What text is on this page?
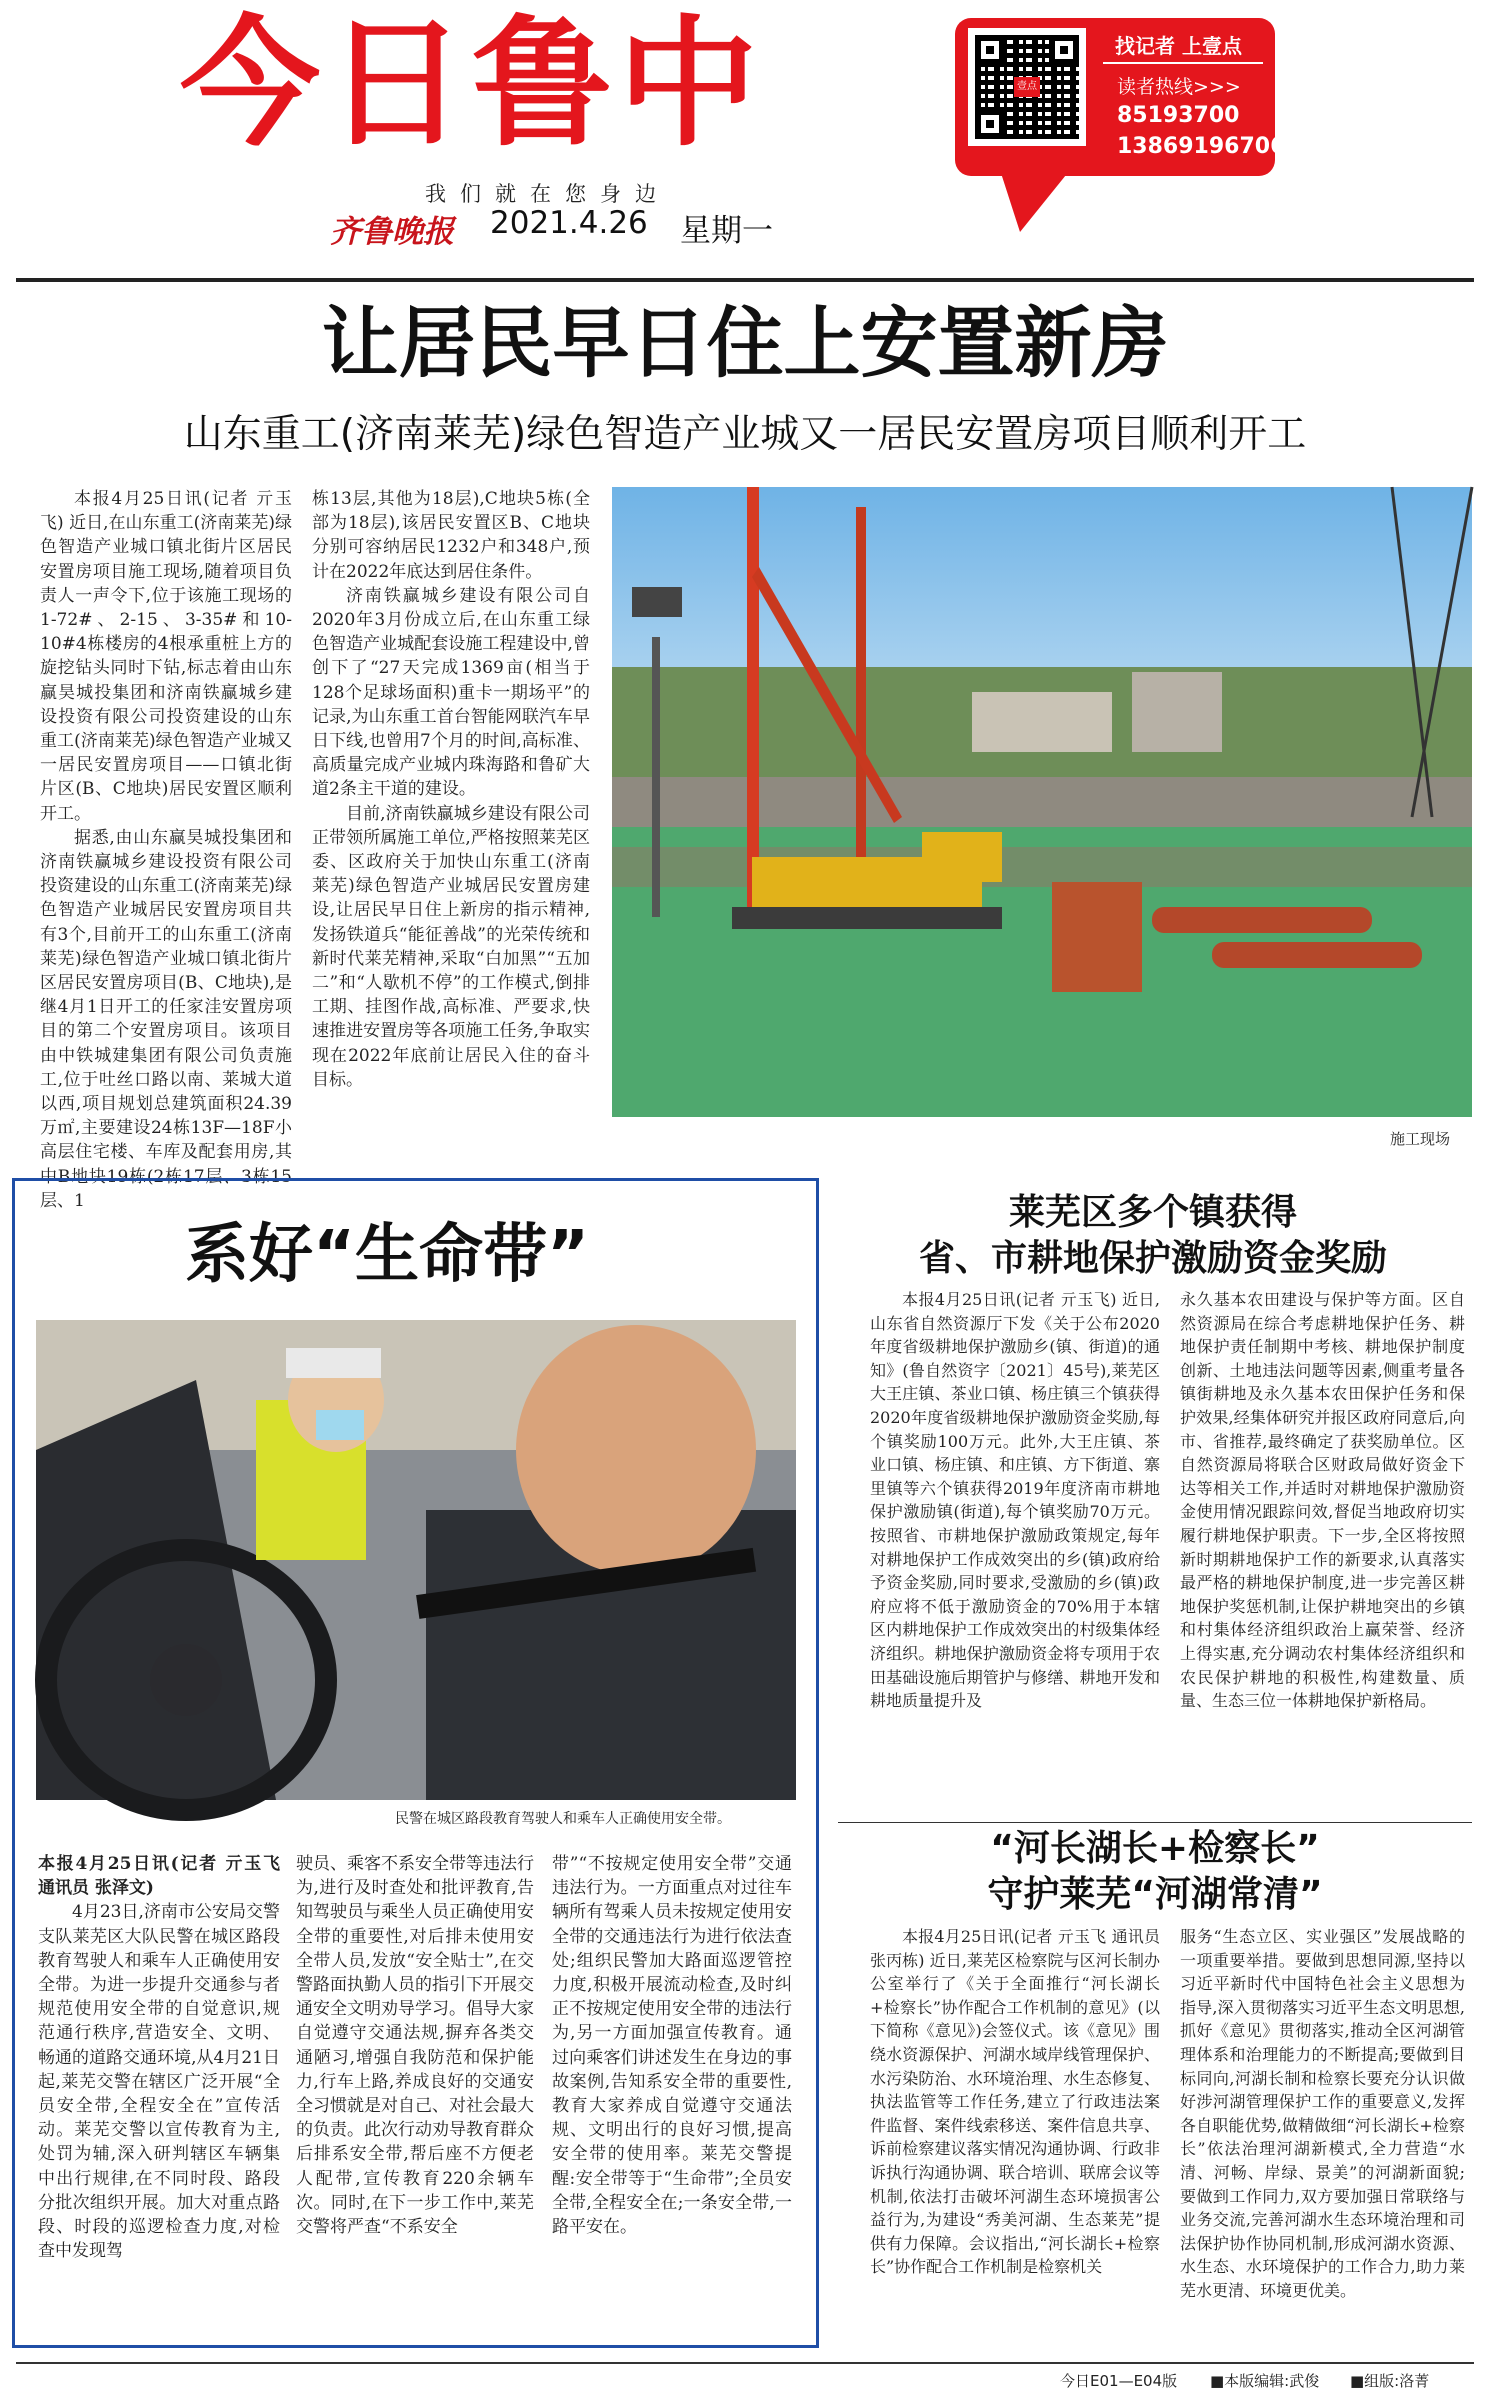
今日鲁中
我们就在您身边
齐鲁晚报 2021.4.26 星期一
壹点
找记者 上壹点
读者热线>>>
85193700
13869196706
让居民早日住上安置新房
山东重工(济南莱芜)绿色智造产业城又一居民安置房项目顺利开工

本报4月25日讯(记者 亓玉飞) 近日,在山东重工(济南莱芜)绿色智造产业城口镇北街片区居民安置房项目施工现场,随着项目负责人一声令下,位于该施工现场的1-72#、2-15、3-35#和10-10#4栋楼房的4根承重桩上方的旋挖钻头同时下钻,标志着由山东赢昊城投集团和济南铁赢城乡建设投资有限公司投资建设的山东重工(济南莱芜)绿色智造产业城又一居民安置房项目——口镇北街片区(B、C地块)居民安置区顺利开工。

据悉,由山东赢昊城投集团和济南铁赢城乡建设投资有限公司投资建设的山东重工(济南莱芜)绿色智造产业城居民安置房项目共有3个,目前开工的山东重工(济南莱芜)绿色智造产业城口镇北街片区居民安置房项目(B、C地块),是继4月1日开工的任家洼安置房项目的第二个安置房项目。该项目由中铁城建集团有限公司负责施工,位于吐丝口路以南、莱城大道以西,项目规划总建筑面积24.39万㎡,主要建设24栋13F—18F小高层住宅楼、车库及配套用房,其中B地块19栋(2栋17层、3栋15层、1

栋13层,其他为18层),C地块5栋(全部为18层),该居民安置区B、C地块分别可容纳居民1232户和348户,预计在2022年底达到居住条件。

济南铁赢城乡建设有限公司自2020年3月份成立后,在山东重工绿色智造产业城配套设施工程建设中,曾创下了“27天完成1369亩(相当于128个足球场面积)重卡一期场平”的记录,为山东重工首台智能网联汽车早日下线,也曾用7个月的时间,高标准、高质量完成产业城内珠海路和鲁矿大道2条主干道的建设。

目前,济南铁赢城乡建设有限公司正带领所属施工单位,严格按照莱芜区委、区政府关于加快山东重工(济南莱芜)绿色智造产业城居民安置房建设,让居民早日住上新房的指示精神,发扬铁道兵“能征善战”的光荣传统和新时代莱芜精神,采取“白加黑”“五加二”和“人歇机不停”的工作模式,倒排工期、挂图作战,高标准、严要求,快速推进安置房等各项施工任务,争取实现在2022年底前让居民入住的奋斗目标。

施工现场
系好“生命带”
民警在城区路段教育驾驶人和乘车人正确使用安全带。

本报4月25日讯(记者 亓玉飞 通讯员 张泽文)

4月23日,济南市公安局交警支队莱芜区大队民警在城区路段教育驾驶人和乘车人正确使用安全带。为进一步提升交通参与者规范使用安全带的自觉意识,规范通行秩序,营造安全、文明、畅通的道路交通环境,从4月21日起,莱芜交警在辖区广泛开展“全员安全带,全程安全在”宣传活动。莱芜交警以宣传教育为主,处罚为辅,深入研判辖区车辆集中出行规律,在不同时段、路段分批次组织开展。加大对重点路段、时段的巡逻检查力度,对检查中发现驾

驶员、乘客不系安全带等违法行为,进行及时查处和批评教育,告知驾驶员与乘坐人员正确使用安全带的重要性,对后排未使用安全带人员,发放“安全贴士”,在交警路面执勤人员的指引下开展交通安全文明劝导学习。倡导大家自觉遵守交通法规,摒弃各类交通陋习,增强自我防范和保护能力,行车上路,养成良好的交通安全习惯就是对自己、对社会最大的负责。此次行动劝导教育群众后排系安全带,帮后座不方便老人配带,宣传教育220余辆车次。同时,在下一步工作中,莱芜交警将严查“不系安全

带”“不按规定使用安全带”交通违法行为。一方面重点对过往车辆所有驾乘人员未按规定使用安全带的交通违法行为进行依法查处;组织民警加大路面巡逻管控力度,积极开展流动检查,及时纠正不按规定使用安全带的违法行为,另一方面加强宣传教育。通过向乘客们讲述发生在身边的事故案例,告知系安全带的重要性,教育大家养成自觉遵守交通法规、文明出行的良好习惯,提高安全带的使用率。莱芜交警提醒:安全带等于“生命带”;全员安全带,全程安全在;一条安全带,一路平安在。

莱芜区多个镇获得
省、市耕地保护激励资金奖励

本报4月25日讯(记者 亓玉飞) 近日,山东省自然资源厅下发《关于公布2020年度省级耕地保护激励乡(镇、街道)的通知》(鲁自然资字〔2021〕45号),莱芜区大王庄镇、茶业口镇、杨庄镇三个镇获得2020年度省级耕地保护激励资金奖励,每个镇奖励100万元。此外,大王庄镇、茶业口镇、杨庄镇、和庄镇、方下街道、寨里镇等六个镇获得2019年度济南市耕地保护激励镇(街道),每个镇奖励70万元。按照省、市耕地保护激励政策规定,每年对耕地保护工作成效突出的乡(镇)政府给予资金奖励,同时要求,受激励的乡(镇)政府应将不低于激励资金的70%用于本辖区内耕地保护工作成效突出的村级集体经济组织。耕地保护激励资金将专项用于农田基础设施后期管护与修缮、耕地开发和耕地质量提升及

永久基本农田建设与保护等方面。区自然资源局在综合考虑耕地保护任务、耕地保护责任制期中考核、耕地保护制度创新、土地违法问题等因素,侧重考量各镇街耕地及永久基本农田保护任务和保护效果,经集体研究并报区政府同意后,向市、省推荐,最终确定了获奖励单位。区自然资源局将联合区财政局做好资金下达等相关工作,并适时对耕地保护激励资金使用情况跟踪问效,督促当地政府切实履行耕地保护职责。下一步,全区将按照新时期耕地保护工作的新要求,认真落实最严格的耕地保护制度,进一步完善区耕地保护奖惩机制,让保护耕地突出的乡镇和村集体经济组织政治上赢荣誉、经济上得实惠,充分调动农村集体经济组织和农民保护耕地的积极性,构建数量、质量、生态三位一体耕地保护新格局。

“河长湖长+检察长”
守护莱芜“河湖常清”

本报4月25日讯(记者 亓玉飞 通讯员 张丙栋) 近日,莱芜区检察院与区河长制办公室举行了《关于全面推行“河长湖长+检察长”协作配合工作机制的意见》(以下简称《意见》)会签仪式。该《意见》围绕水资源保护、河湖水域岸线管理保护、水污染防治、水环境治理、水生态修复、执法监管等工作任务,建立了行政违法案件监督、案件线索移送、案件信息共享、诉前检察建议落实情况沟通协调、行政非诉执行沟通协调、联合培训、联席会议等机制,依法打击破坏河湖生态环境损害公益行为,为建设“秀美河湖、生态莱芜”提供有力保障。会议指出,“河长湖长+检察长”协作配合工作机制是检察机关

服务“生态立区、实业强区”发展战略的一项重要举措。要做到思想同源,坚持以习近平新时代中国特色社会主义思想为指导,深入贯彻落实习近平生态文明思想,抓好《意见》贯彻落实,推动全区河湖管理体系和治理能力的不断提高;要做到目标同向,河湖长制和检察长要充分认识做好涉河湖管理保护工作的重要意义,发挥各自职能优势,做精做细“河长湖长+检察长”依法治理河湖新模式,全力营造“水清、河畅、岸绿、景美”的河湖新面貌;要做到工作同力,双方要加强日常联络与业务交流,完善河湖水生态环境治理和司法保护协作协同机制,形成河湖水资源、水生态、水环境保护的工作合力,助力莱芜水更清、环境更优美。

今日E01—E04版 ■本版编辑:武俊 ■组版:洛菁
